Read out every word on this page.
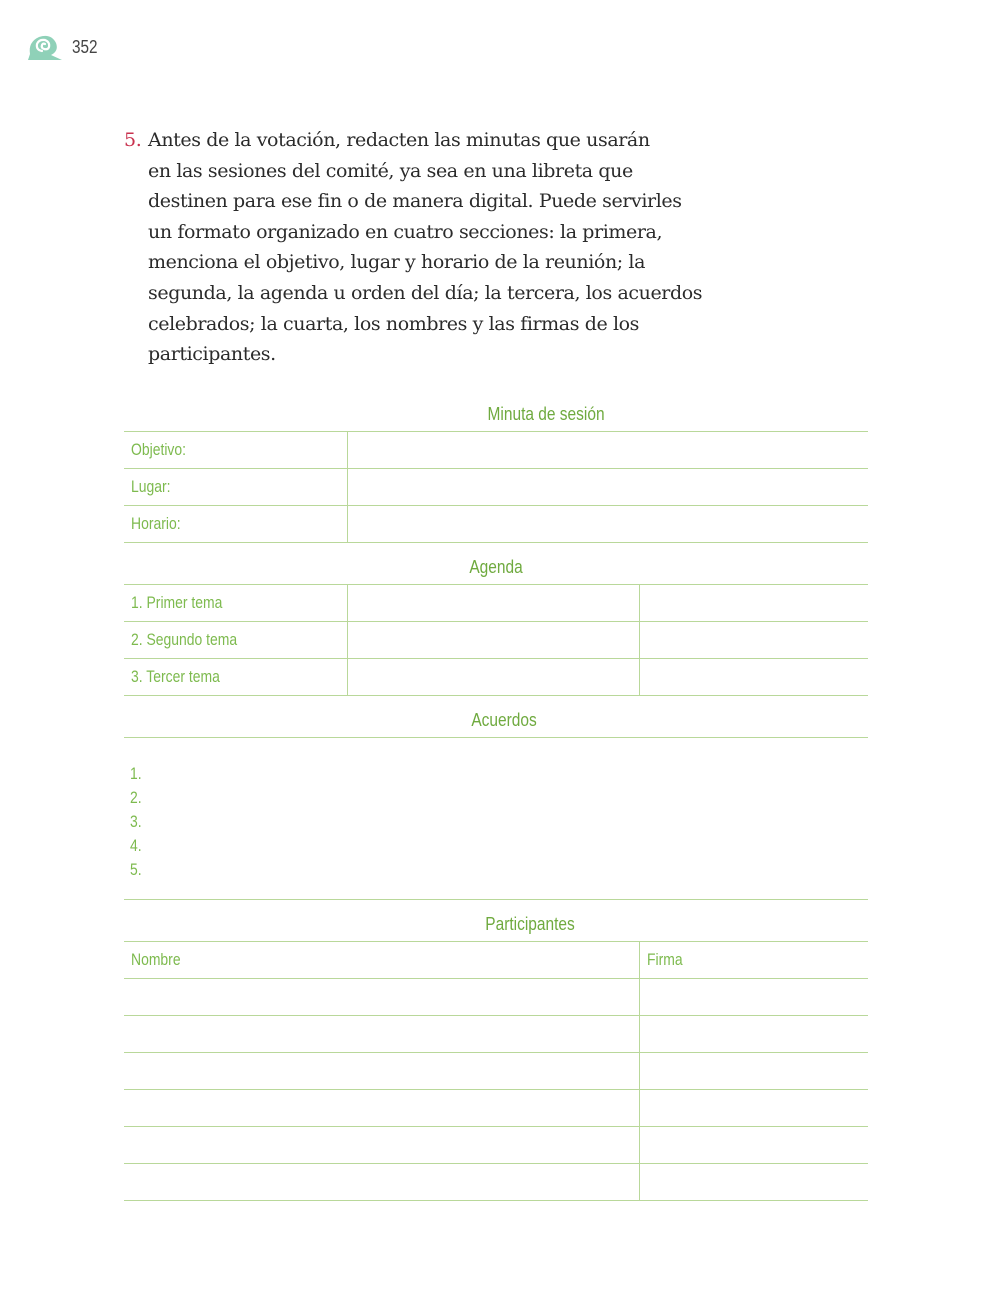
352
5. Antes de la votación, redacten las minutas que usarán
en las sesiones del comité, ya sea en una libreta que
destinen para ese fin o de manera digital. Puede servirles
un formato organizado en cuatro secciones: la primera,
menciona el objetivo, lugar y horario de la reunión; la
segunda, la agenda u orden del día; la tercera, los acuerdos
celebrados; la cuarta, los nombres y las firmas de los
participantes.
Minuta de sesión
Objetivo:
Lugar:
Horario:
Agenda
1. Primer tema
2. Segundo tema
3. Tercer tema
Acuerdos
1.
2.
3.
4.
5.
Participantes
Nombre	Firma
